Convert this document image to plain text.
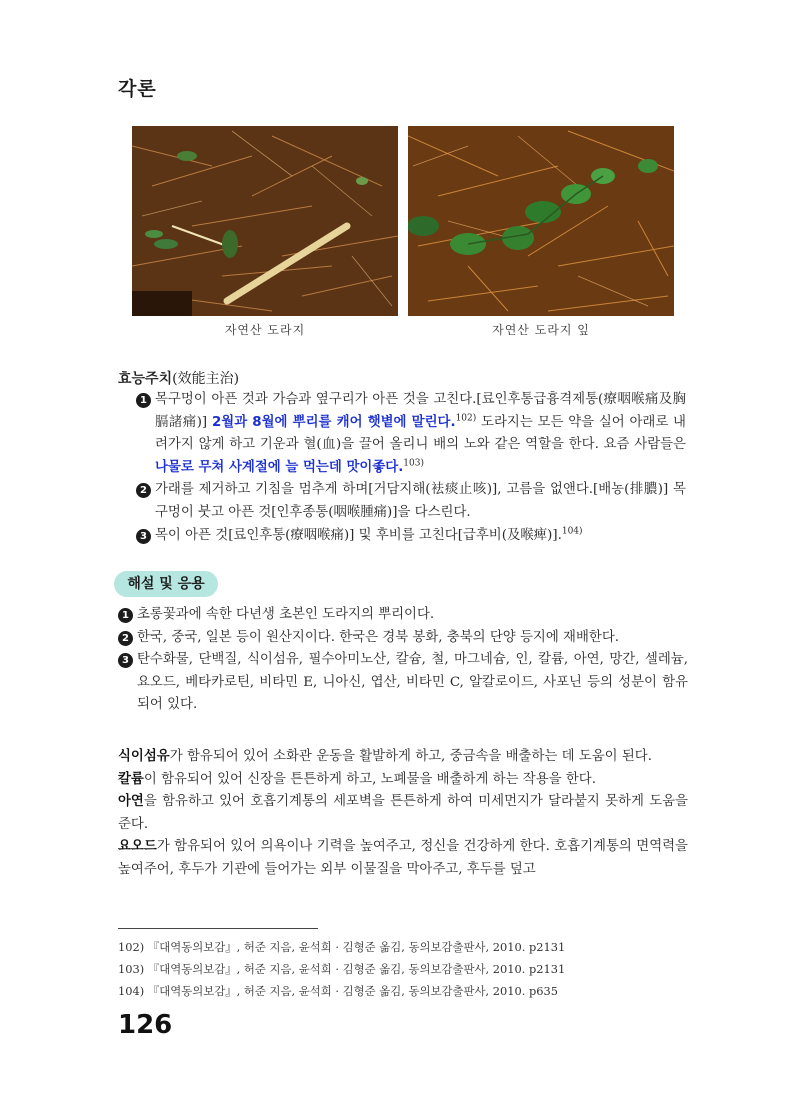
각론
자연산 도라지	자연산 도라지 잎
효능주치(效能主治)
1 목구멍이 아픈 것과 가슴과 옆구리가 아픈 것을 고친다.[료인후통급흉격제통(療咽喉痛及胸膈諸痛)] 2월과 8월에 뿌리를 캐어 햇볕에 말린다.$^{102)}$ 도라지는 모든 약을 실어 아래로 내려가지 않게 하고 기운과 혈(血)을 끌어 올리니 배의 노와 같은 역할을 한다. 요즘 사람들은 나물로 무쳐 사계절에 늘 먹는데 맛이좋다.$^{103)}$
2 가래를 제거하고 기침을 멈추게 하며[거담지해(袪痰止咳)], 고름을 없앤다.[배농(排膿)] 목구멍이 붓고 아픈 것[인후종통(咽喉腫痛)]을 다스린다.
3 목이 아픈 것[료인후통(療咽喉痛)] 및 후비를 고친다[급후비(及喉痺)].$^{104)}$
해설 및 응용
1 초롱꽃과에 속한 다년생 초본인 도라지의 뿌리이다.
2 한국, 중국, 일본 등이 원산지이다. 한국은 경북 봉화, 충북의 단양 등지에 재배한다.
3 탄수화물, 단백질, 식이섬유, 필수아미노산, 칼슘, 철, 마그네슘, 인, 칼륨, 아연, 망간, 셀레늄, 요오드, 베타카로틴, 비타민 E, 니아신, 엽산, 비타민 C, 알칼로이드, 사포닌 등의 성분이 함유되어 있다.
식이섬유가 함유되어 있어 소화관 운동을 활발하게 하고, 중금속을 배출하는 데 도움이 된다.
칼륨이 함유되어 있어 신장을 튼튼하게 하고, 노폐물을 배출하게 하는 작용을 한다.
아연을 함유하고 있어 호흡기계통의 세포벽을 튼튼하게 하여 미세먼지가 달라붙지 못하게 도움을 준다.
요오드가 함유되어 있어 의욕이나 기력을 높여주고, 정신을 건강하게 한다. 호흡기계통의 면역력을 높여주어, 후두가 기관에 들어가는 외부 이물질을 막아주고, 후두를 덮고
102) 『대역동의보감』, 허준 지음, 윤석희 · 김형준 옮김, 동의보감출판사, 2010. p2131
103) 『대역동의보감』, 허준 지음, 윤석희 · 김형준 옮김, 동의보감출판사, 2010. p2131
104) 『대역동의보감』, 허준 지음, 윤석희 · 김형준 옮김, 동의보감출판사, 2010. p635
126
